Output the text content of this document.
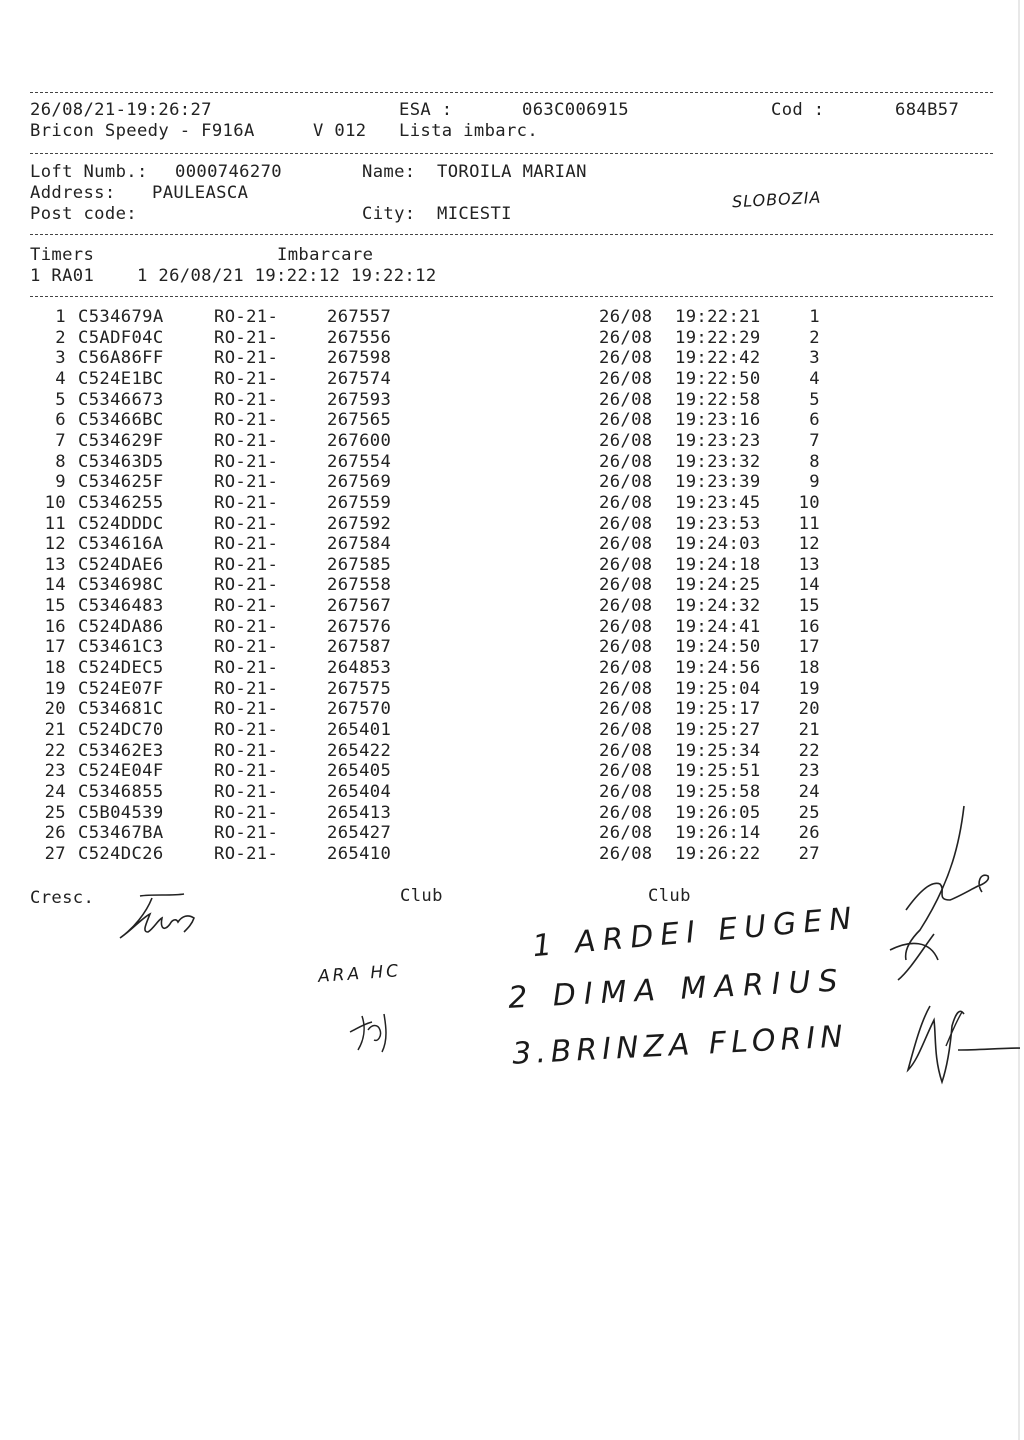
26/08/21-19:26:27	ESA :	063C006915	Cod :	684B57
Bricon Speedy - F916A	V 012 Lista imbarc.
Loft Numb.: 0000746270	Name: TOROILA MARIAN
Address: PAULEASCA
Post code:	City: MICESTI
SLOBOZIA
Timers	Imbarcare
1 RA01    1 26/08/21 19:22:12 19:22:12
1 C534679A	RO-21-	267557	26/08 19:22:21	1
2 C5ADF04C	RO-21-	267556	26/08 19:22:29	2
3 C56A86FF	RO-21-	267598	26/08 19:22:42	3
4 C524E1BC	RO-21-	267574	26/08 19:22:50	4
5 C5346673	RO-21-	267593	26/08 19:22:58	5
6 C53466BC	RO-21-	267565	26/08 19:23:16	6
7 C534629F	RO-21-	267600	26/08 19:23:23	7
8 C53463D5	RO-21-	267554	26/08 19:23:32	8
9 C534625F	RO-21-	267569	26/08 19:23:39	9
10 C5346255	RO-21-	267559	26/08 19:23:45	10
11 C524DDDC	RO-21-	267592	26/08 19:23:53	11
12 C534616A	RO-21-	267584	26/08 19:24:03	12
13 C524DAE6	RO-21-	267585	26/08 19:24:18	13
14 C534698C	RO-21-	267558	26/08 19:24:25	14
15 C5346483	RO-21-	267567	26/08 19:24:32	15
16 C524DA86	RO-21-	267576	26/08 19:24:41	16
17 C53461C3	RO-21-	267587	26/08 19:24:50	17
18 C524DEC5	RO-21-	264853	26/08 19:24:56	18
19 C524E07F	RO-21-	267575	26/08 19:25:04	19
20 C534681C	RO-21-	267570	26/08 19:25:17	20
21 C524DC70	RO-21-	265401	26/08 19:25:27	21
22 C53462E3	RO-21-	265422	26/08 19:25:34	22
23 C524E04F	RO-21-	265405	26/08 19:25:51	23
24 C5346855	RO-21-	265404	26/08 19:25:58	24
25 C5B04539	RO-21-	265413	26/08 19:26:05	25
26 C53467BA	RO-21-	265427	26/08 19:26:14	26
27 C524DC26	RO-21-	265410	26/08 19:26:22	27
Cresc.	Club	Club
ARA HC
1 ARDEI EUGEN
2 DIMA MARIUS
3.BRINZA FLORIN
